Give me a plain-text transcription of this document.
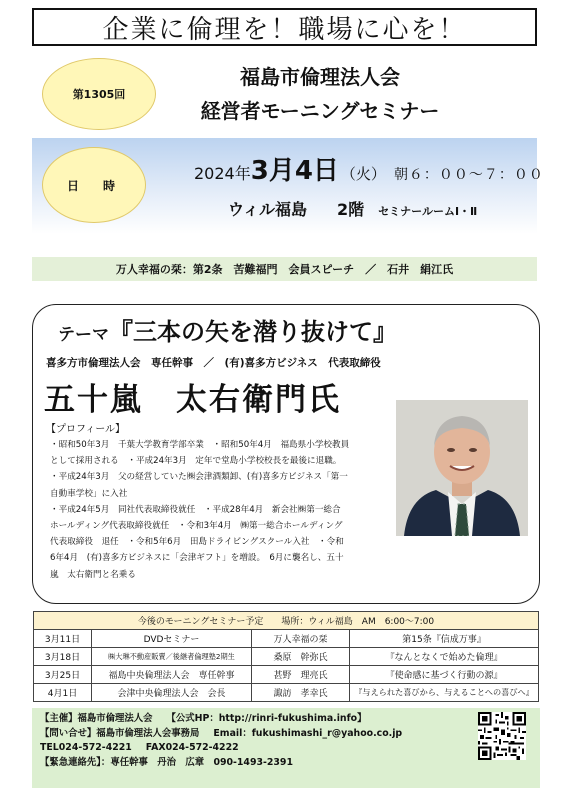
企業に倫理を！職場に心を！
第1305回
福島市倫理法人会
経営者モーニングセミナー
日　時
2024年3月4日 （火） 朝６：００～７：００
ウィル福島 2階 セミナールームⅠ・Ⅱ
万人幸福の栞：第2条　苦難福門　会員スピーチ　／　石井　絹江氏
テーマ『三本の矢を潜り抜けて』
喜多方市倫理法人会　専任幹事　／　(有)喜多方ビジネス　代表取締役
五十嵐　太右衛門氏
【プロフィール】
・昭和50年3月　千葉大学教育学部卒業　・昭和50年4月　福島県小学校教員
として採用される　・平成24年3月　定年で堂島小学校校長を最後に退職。
・平成24年3月　父の経営していた㈱会津酒類卸、(有)喜多方ビジネス「第一
自動車学校」に入社
・平成24年5月　同社代表取締役就任　・平成28年4月　新会社㈱第一総合
ホールディング代表取締役就任　・令和3年4月　㈱第一総合ホールディング
代表取締役　退任　・令和5年6月　田島ドライビングスクール入社　・令和
6年4月　(有)喜多方ビジネスに「会津ギフト」を増設。　6月に襲名し、五十
嵐　太右衛門と名乗る
今後のモーニングセミナー予定　　場所：ウィル福島　AM　6:00～7:00			
3月11日	DVDセミナー	万人幸福の栞	第15条『信成万事』
3月18日	㈱大琳不動産販賣／後継者倫理塾2期生	桑原　幹弥氏	『なんとなくで始めた倫理』
3月25日	福島中央倫理法人会　専任幹事	甚野　理亮氏	『使命感に基づく行動の源』
4月1日	会津中央倫理法人会　会長	諏訪　孝幸氏	『与えられた喜びから、与えることへの喜びへ』
【主催】福島市倫理法人会 【公式HP：http://rinri-fukushima.info】
【問い合せ】福島市倫理法人会事務局 Email：fukushimashi_r@yahoo.co.jp
TEL024-572-4221 FAX024-572-4222
【緊急連絡先】：専任幹事　丹治　広章　090-1493-2391
